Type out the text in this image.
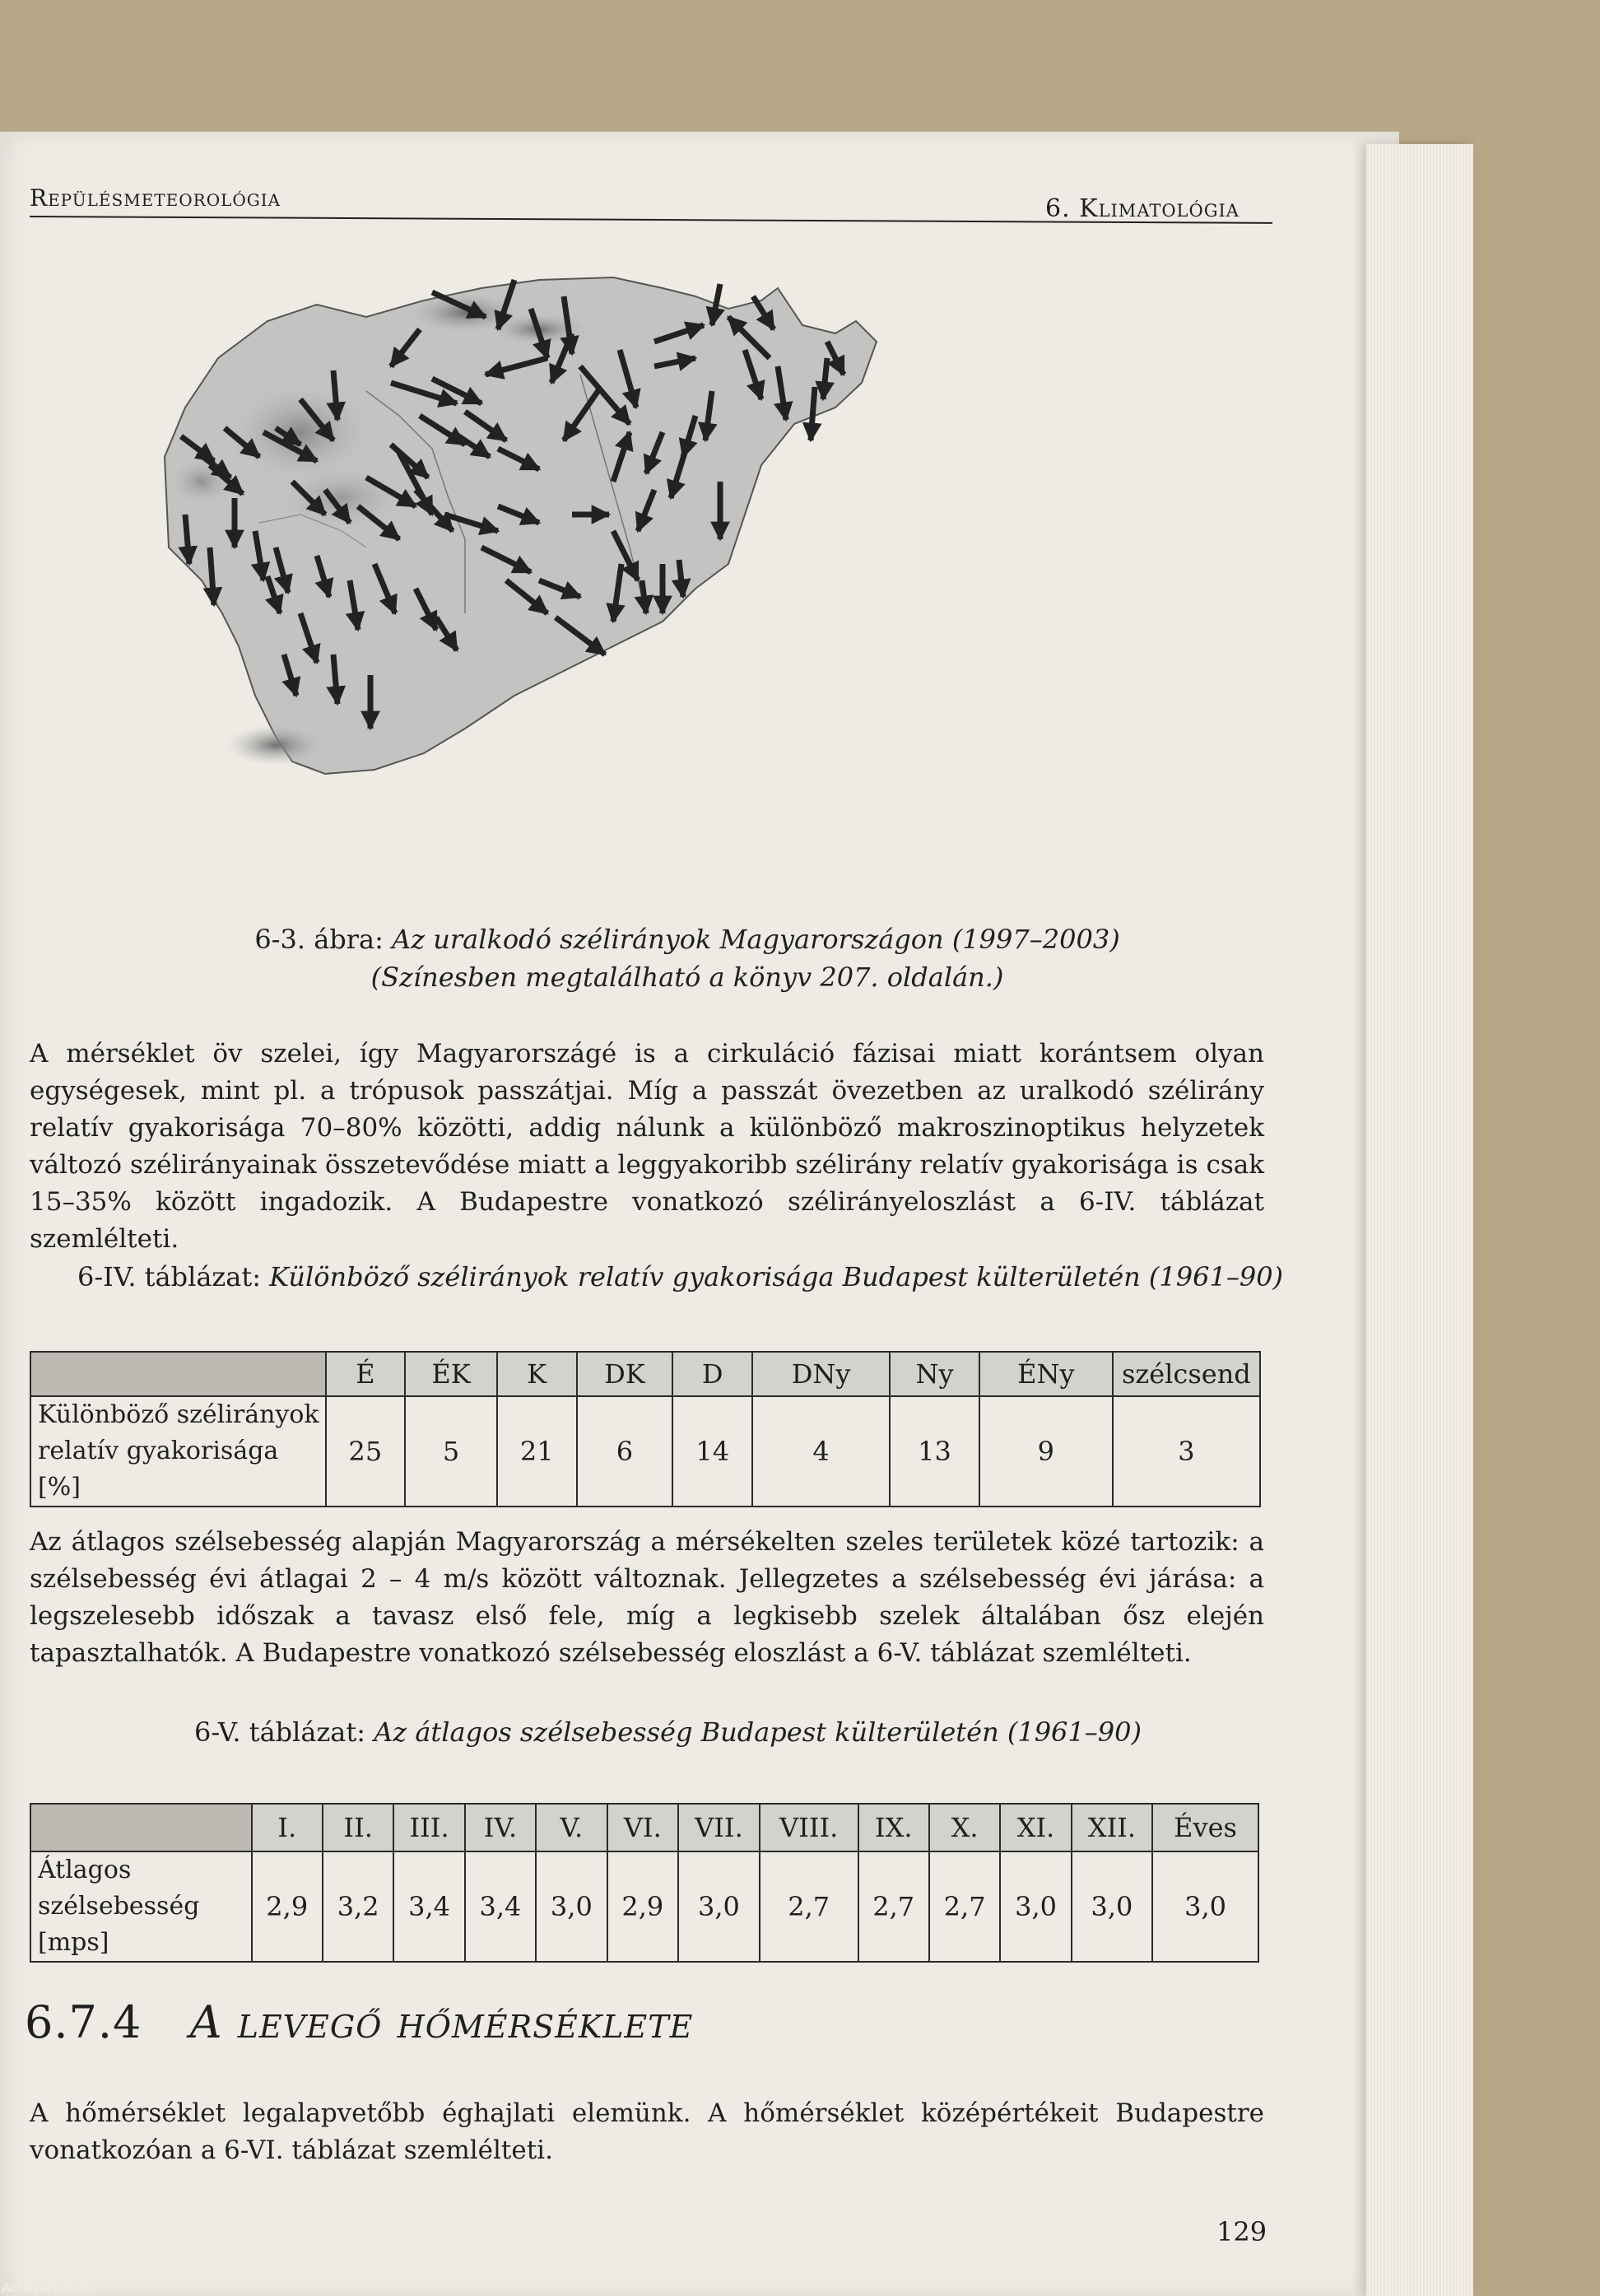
Repülésmeteorológia	6. Klimatológia
6-3. ábra: Az uralkodó szélirányok Magyarországon (1997–2003)
(Színesben megtalálható a könyv 207. oldalán.)
A mérséklet öv szelei, így Magyarországé is a cirkuláció fázisai miatt korántsem olyan egységesek, mint pl. a trópusok passzátjai. Míg a passzát övezetben az uralkodó szélirány relatív gyakorisága 70–80% közötti, addig nálunk a különböző makroszinoptikus helyzetek változó szélirányainak összetevődése miatt a leggyakoribb szélirány relatív gyakorisága is csak 15–35% között ingadozik. A Budapestre vonatkozó szélirányeloszlást a 6-IV. táblázat szemlélteti.
6-IV. táblázat: Különböző szélirányok relatív gyakorisága Budapest külterületén (1961–90)
	É	ÉK	K	DK	D	DNy	Ny	ÉNy	szélcsend
Különböző szélirányok relatív gyakorisága [%]	25	5	21	6	14	4	13	9	3
Az átlagos szélsebesség alapján Magyarország a mérsékelten szeles területek közé tartozik: a szélsebesség évi átlagai 2 – 4 m/s között változnak. Jellegzetes a szélsebesség évi járása: a legszelesebb időszak a tavasz első fele, míg a legkisebb szelek általában ősz elején tapasztalhatók. A Budapestre vonatkozó szélsebesség eloszlást a 6-V. táblázat szemlélteti.
6-V. táblázat: Az átlagos szélsebesség Budapest külterületén (1961–90)
	I.	II.	III.	IV.	V.	VI.	VII.	VIII.	IX.	X.	XI.	XII.	Éves
Átlagos szélsebesség [mps]	2,9	3,2	3,4	3,4	3,0	2,9	3,0	2,7	2,7	2,7	3,0	3,0	3,0
6.7.4 A levegő hőmérséklete
A hőmérséklet legalapvetőbb éghajlati elemünk. A hőmérséklet középértékeit Budapestre vonatkozóan a 6-VI. táblázat szemlélteti.
129
Antikvarium.hu
